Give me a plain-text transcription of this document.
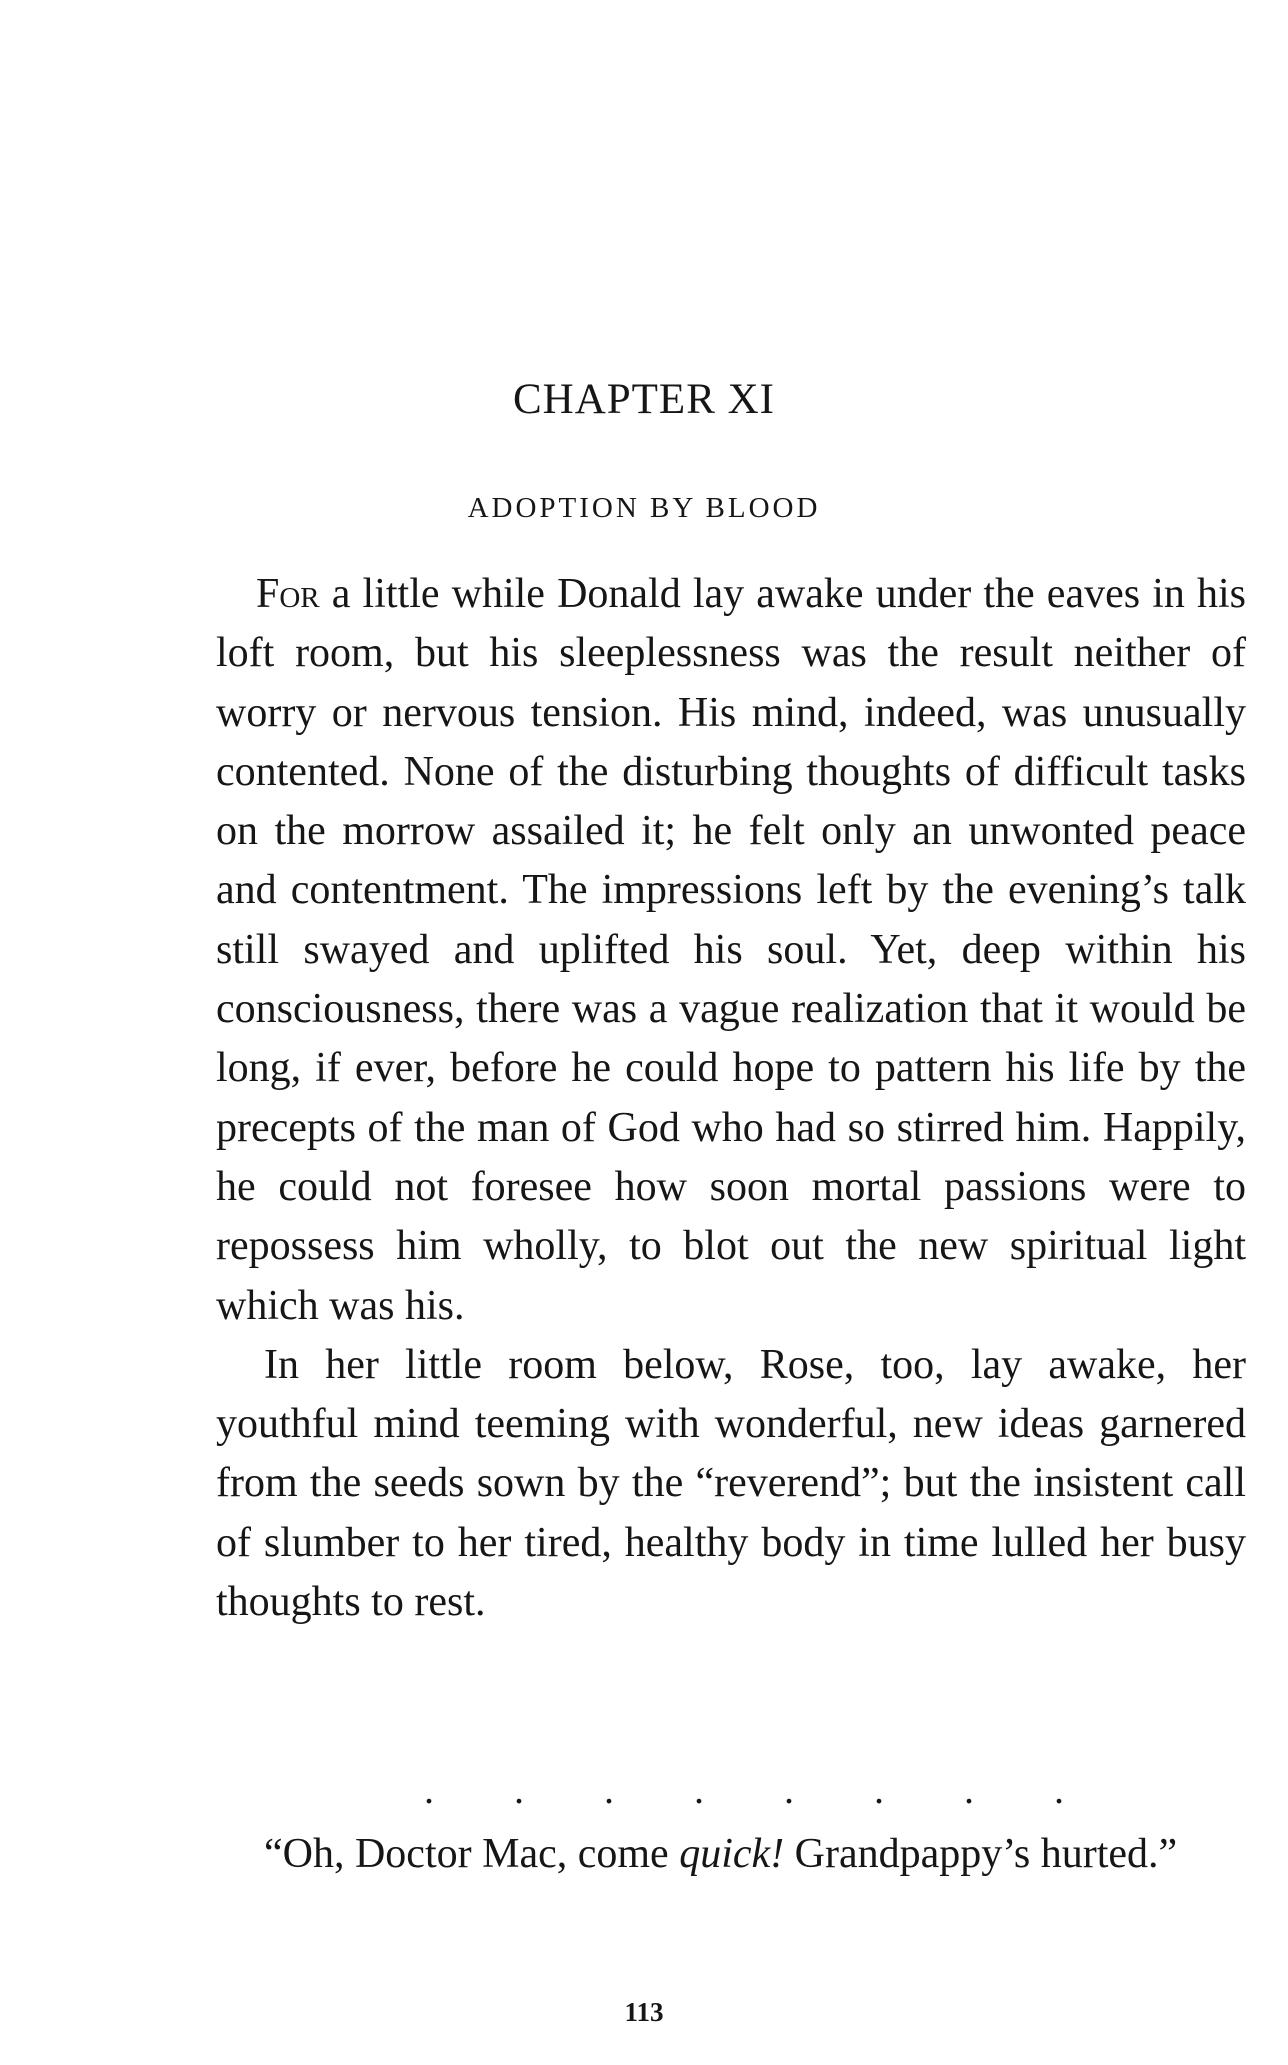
CHAPTER XI
ADOPTION BY BLOOD

For a little while Donald lay awake under the eaves in his loft room, but his sleeplessness was the result neither of worry or nervous tension. His mind, indeed, was unusually contented. None of the disturbing thoughts of difficult tasks on the morrow assailed it; he felt only an unwonted peace and contentment. The impressions left by the evening’s talk still swayed and uplifted his soul. Yet, deep within his consciousness, there was a vague realization that it would be long, if ever, before he could hope to pattern his life by the precepts of the man of God who had so stirred him. Happily, he could not foresee how soon mortal passions were to repossess him wholly, to blot out the new spiritual light which was his.

In her little room below, Rose, too, lay awake, her youthful mind teeming with wonderful, new ideas garnered from the seeds sown by the “reverend”; but the insistent call of slumber to her tired, healthy body in time lulled her busy thoughts to rest.

. . . . . . . .

“Oh, Doctor Mac, come quick! Grandpappy’s hurted.”

113
